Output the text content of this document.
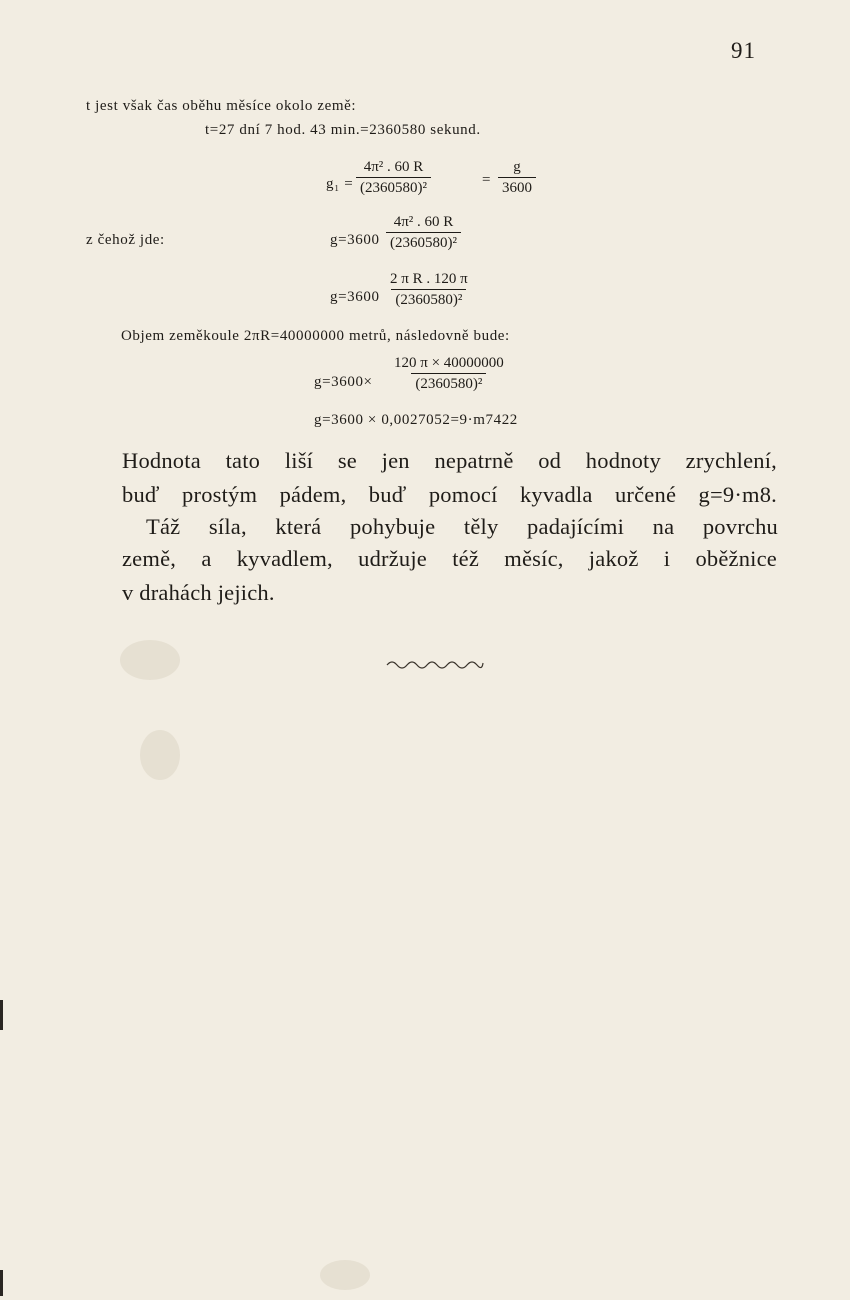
91
t jest však čas oběhu měsíce okolo země:
t=27 dní 7 hod. 43 min.=2360580 sekund.
$g_1 = \frac{\text{4π² . 60 R}}{\text{(2360580)²}}$	= $\frac{g}{3600}$
z čehož jde:	$g=3600 \frac{\text{4π² . 60 R}}{\text{(2360580)²}}$
$g=3600 \frac{\text{2 π R . 120 π}}{\text{(2360580)²}}$
Objem zeměkoule 2πR=40000000 metrů, následovně bude:
$g=3600\times \frac{120 \pi \times 40000000}{\text{(2360580)²}}$
g=3600 × 0,0027052=9·m7422
Hodnota tato liší se jen nepatrně od hodnoty zrychlení,
buď prostým pádem, buď pomocí kyvadla určené g=9·m8.
Táž síla, která pohybuje těly padajícími na povrchu
země, a kyvadlem, udržuje též měsíc, jakož i oběžnice
v drahách jejich.
